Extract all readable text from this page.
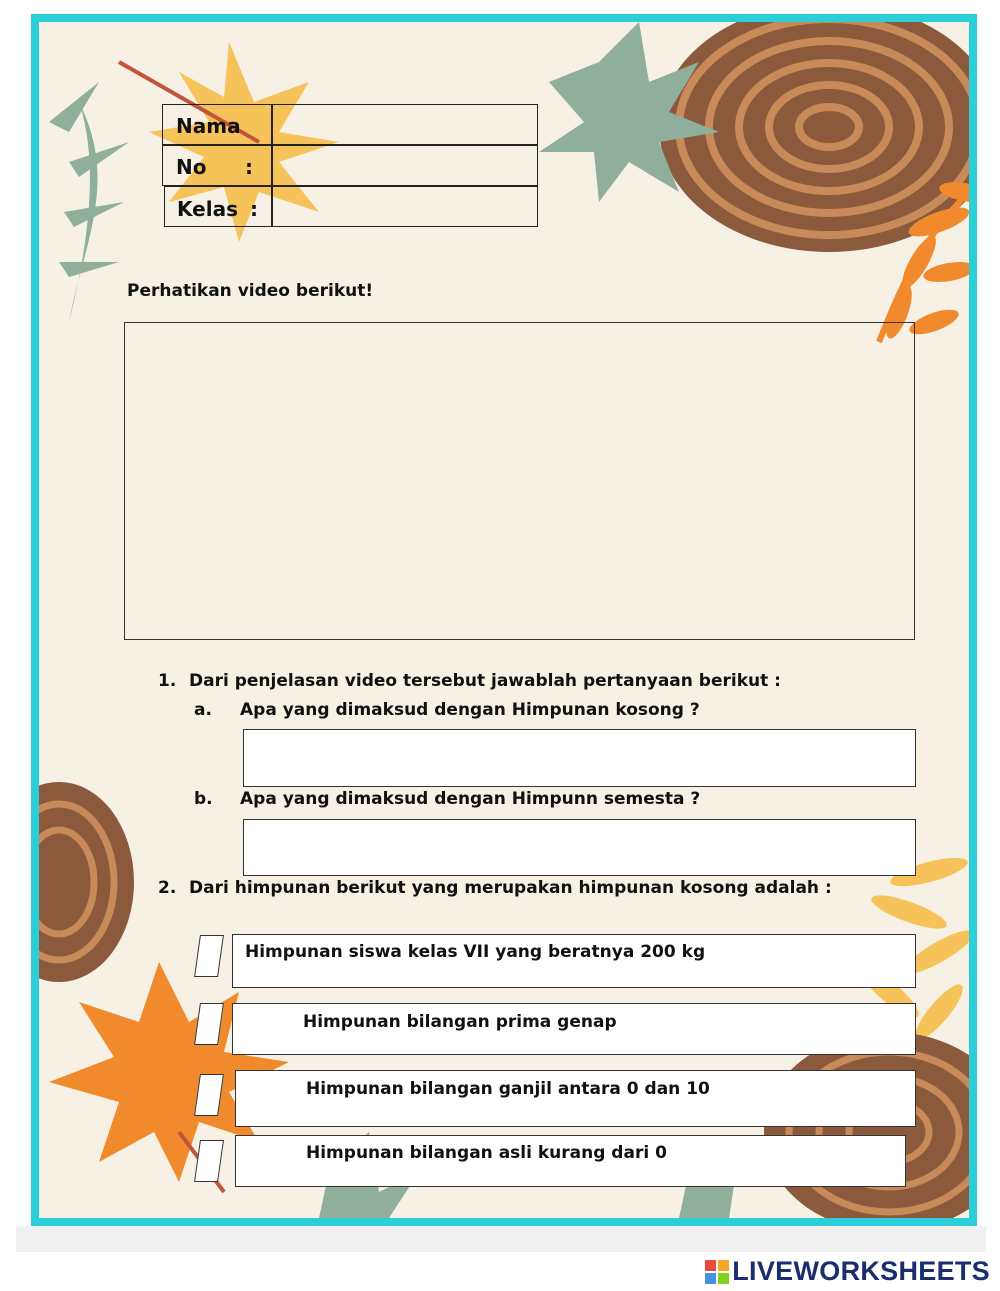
Nama
No :
Kelas :
Perhatikan video berikut!
1. Dari penjelasan video tersebut jawablah pertanyaan berikut :
a. Apa yang dimaksud dengan Himpunan kosong ?
b. Apa yang dimaksud dengan Himpunn semesta ?
2. Dari himpunan berikut yang merupakan himpunan kosong adalah :
Himpunan siswa kelas VII yang beratnya 200 kg
Himpunan bilangan prima genap
Himpunan bilangan ganjil antara 0 dan 10
Himpunan bilangan asli kurang dari 0
LIVEWORKSHEETS
